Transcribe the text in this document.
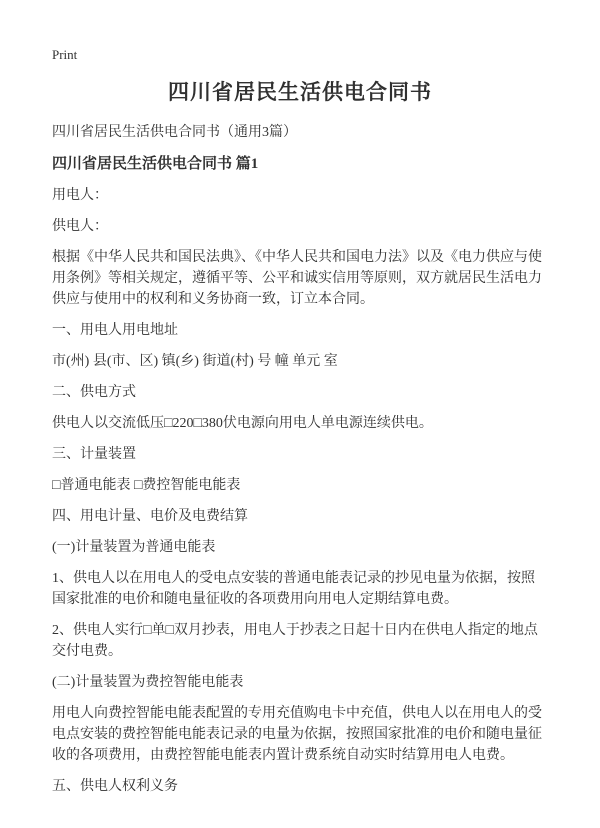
Print
四川省居民生活供电合同书

四川省居民生活供电合同书（通用3篇）

四川省居民生活供电合同书 篇1

用电人：

供电人：

根据《中华人民共和国民法典》、《中华人民共和国电力法》以及《电力供应与使用条例》等相关规定，遵循平等、公平和诚实信用等原则，双方就居民生活电力供应与使用中的权利和义务协商一致，订立本合同。

一、用电人用电地址

市(州) 县(市、区) 镇(乡) 街道(村) 号 幢 单元 室

二、供电方式

供电人以交流低压□220□380伏电源向用电人单电源连续供电。

三、计量装置

□普通电能表 □费控智能电能表

四、用电计量、电价及电费结算

(一)计量装置为普通电能表

1、供电人以在用电人的受电点安装的普通电能表记录的抄见电量为依据，按照国家批准的电价和随电量征收的各项费用向用电人定期结算电费。

2、供电人实行□单□双月抄表，用电人于抄表之日起十日内在供电人指定的地点交付电费。

(二)计量装置为费控智能电能表

用电人向费控智能电能表配置的专用充值购电卡中充值，供电人以在用电人的受电点安装的费控智能电能表记录的电量为依据，按照国家批准的电价和随电量征收的各项费用，由费控智能电能表内置计费系统自动实时结算用电人电费。

五、供电人权利义务
